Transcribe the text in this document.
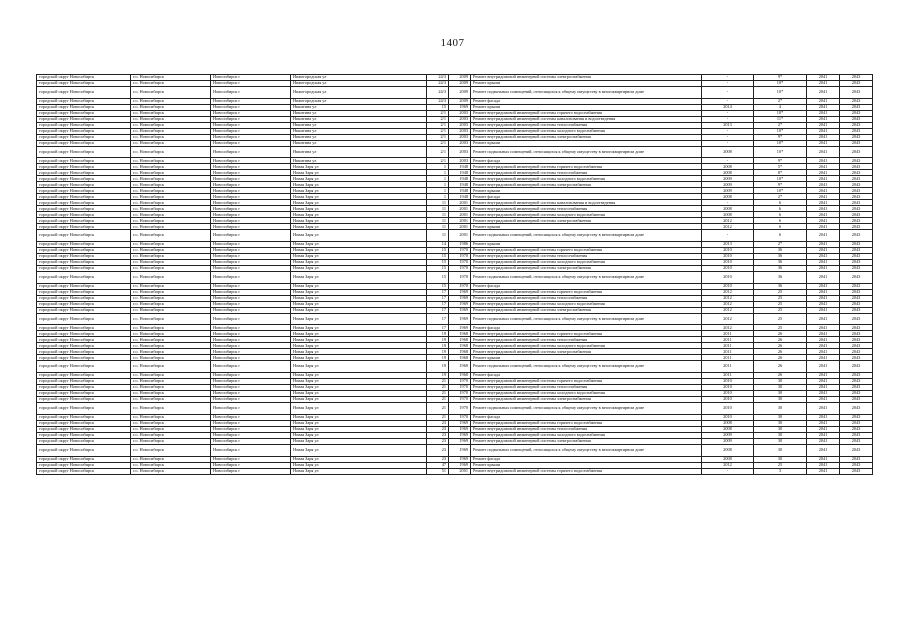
1407
городской округ Новосибирск	г.о. Новосибирск	Новосибирск г	Нижегородская ул	24/3	2009	Ремонт внутридомовой инженерной системы электроснабжения	-	9*	2041	2043
городской округ Новосибирск	г.о. Новосибирск	Новосибирск г	Нижегородская ул	24/3	2009	Ремонт крыши	-	10*	2041	2043
городской округ Новосибирск	г.о. Новосибирск	Новосибирск г	Нижегородская ул	24/3	2009	Ремонт подвальных помещений, относящихся к общему имуществу в многоквартирном доме	-	10*	2041	2043
городской округ Новосибирск	г.о. Новосибирск	Новосибирск г	Нижегородская ул	24/3	2009	Ремонт фасада	-	2*	2041	2043
городской округ Новосибирск	г.о. Новосибирск	Новосибирск г	Никитина ул	15	1969	Ремонт крыши	2014	4	2041	2043
городской округ Новосибирск	г.о. Новосибирск	Новосибирск г	Никитина ул	2/1	2003	Ремонт внутридомовой инженерной системы горячего водоснабжения	-	10*	2041	2043
городской округ Новосибирск	г.о. Новосибирск	Новосибирск г	Никитина ул	2/1	2003	Ремонт внутридомовой инженерной системы канализования и водоотведения	-	11*	2041	2043
городской округ Новосибирск	г.о. Новосибирск	Новосибирск г	Никитина ул	2/1	2003	Ремонт внутридомовой инженерной системы теплоснабжения	2013	2*	2041	2043
городской округ Новосибирск	г.о. Новосибирск	Новосибирск г	Никитина ул	2/1	2003	Ремонт внутридомовой инженерной системы холодного водоснабжения	-	10*	2041	2043
городской округ Новосибирск	г.о. Новосибирск	Новосибирск г	Никитина ул	2/1	2003	Ремонт внутридомовой инженерной системы электроснабжения	-	9*	2041	2043
городской округ Новосибирск	г.о. Новосибирск	Новосибирск г	Никитина ул	2/1	2003	Ремонт крыши	-	10*	2041	2043
городской округ Новосибирск	г.о. Новосибирск	Новосибирск г	Никитина ул	2/1	2003	Ремонт подвальных помещений, относящихся к общему имуществу в многоквартирном доме	2008	10*	2041	2043
городской округ Новосибирск	г.о. Новосибирск	Новосибирск г	Никитина ул	2/1	2003	Ремонт фасада	-	9*	2041	2043
городской округ Новосибирск	г.о. Новосибирск	Новосибирск г	Новая Заря ул	1	1948	Ремонт внутридомовой инженерной системы горячего водоснабжения	2008	5*	2041	2043
городской округ Новосибирск	г.о. Новосибирск	Новосибирск г	Новая Заря ул	1	1948	Ремонт внутридомовой инженерной системы теплоснабжения	2008	8*	2041	2043
городской округ Новосибирск	г.о. Новосибирск	Новосибирск г	Новая Заря ул	1	1948	Ремонт внутридомовой инженерной системы холодного водоснабжения	2009	10*	2041	2043
городской округ Новосибирск	г.о. Новосибирск	Новосибирск г	Новая Заря ул	1	1948	Ремонт внутридомовой инженерной системы электроснабжения	2009	9*	2041	2043
городской округ Новосибирск	г.о. Новосибирск	Новосибирск г	Новая Заря ул	1	1948	Ремонт крыши	2009	10*	2041	2043
городской округ Новосибирск	г.о. Новосибирск	Новосибирск г	Новая Заря ул	1	1948	Ремонт фасада	2008	2*	2041	2043
городской округ Новосибирск	г.о. Новосибирск	Новосибирск г	Новая Заря ул	11	2001	Ремонт внутридомовой инженерной системы канализования и водоотведения	-	6	2041	2043
городской округ Новосибирск	г.о. Новосибирск	Новосибирск г	Новая Заря ул	11	2001	Ремонт внутридомовой инженерной системы теплоснабжения	2008	6	2041	2043
городской округ Новосибирск	г.о. Новосибирск	Новосибирск г	Новая Заря ул	11	2001	Ремонт внутридомовой инженерной системы холодного водоснабжения	2008	6	2041	2043
городской округ Новосибирск	г.о. Новосибирск	Новосибирск г	Новая Заря ул	11	2001	Ремонт внутридомовой инженерной системы электроснабжения	2012	6	2041	2043
городской округ Новосибирск	г.о. Новосибирск	Новосибирск г	Новая Заря ул	11	2001	Ремонт крыши	2012	6	2041	2043
городской округ Новосибирск	г.о. Новосибирск	Новосибирск г	Новая Заря ул	11	2001	Ремонт подвальных помещений, относящихся к общему имуществу в многоквартирном доме	-	6	2041	2043
городской округ Новосибирск	г.о. Новосибирск	Новосибирск г	Новая Заря ул	14	1986	Ремонт крыши	2013	2*	2041	2043
городской округ Новосибирск	г.о. Новосибирск	Новосибирск г	Новая Заря ул	15	1970	Ремонт внутридомовой инженерной системы горячего водоснабжения	2010	36	2041	2043
городской округ Новосибирск	г.о. Новосибирск	Новосибирск г	Новая Заря ул	15	1970	Ремонт внутридомовой инженерной системы теплоснабжения	2010	36	2041	2043
городской округ Новосибирск	г.о. Новосибирск	Новосибирск г	Новая Заря ул	15	1970	Ремонт внутридомовой инженерной системы холодного водоснабжения	2010	36	2041	2043
городской округ Новосибирск	г.о. Новосибирск	Новосибирск г	Новая Заря ул	15	1970	Ремонт внутридомовой инженерной системы электроснабжения	2010	36	2041	2043
городской округ Новосибирск	г.о. Новосибирск	Новосибирск г	Новая Заря ул	15	1970	Ремонт подвальных помещений, относящихся к общему имуществу в многоквартирном доме	2010	36	2041	2043
городской округ Новосибирск	г.о. Новосибирск	Новосибирск г	Новая Заря ул	15	1970	Ремонт фасада	2010	36	2041	2043
городской округ Новосибирск	г.о. Новосибирск	Новосибирск г	Новая Заря ул	17	1969	Ремонт внутридомовой инженерной системы горячего водоснабжения	2012	25	2041	2043
городской округ Новосибирск	г.о. Новосибирск	Новосибирск г	Новая Заря ул	17	1969	Ремонт внутридомовой инженерной системы теплоснабжения	2012	25	2041	2043
городской округ Новосибирск	г.о. Новосибирск	Новосибирск г	Новая Заря ул	17	1969	Ремонт внутридомовой инженерной системы холодного водоснабжения	2012	25	2041	2043
городской округ Новосибирск	г.о. Новосибирск	Новосибирск г	Новая Заря ул	17	1969	Ремонт внутридомовой инженерной системы электроснабжения	2012	25	2041	2043
городской округ Новосибирск	г.о. Новосибирск	Новосибирск г	Новая Заря ул	17	1969	Ремонт подвальных помещений, относящихся к общему имуществу в многоквартирном доме	2012	25	2041	2043
городской округ Новосибирск	г.о. Новосибирск	Новосибирск г	Новая Заря ул	17	1969	Ремонт фасада	2012	25	2041	2043
городской округ Новосибирск	г.о. Новосибирск	Новосибирск г	Новая Заря ул	19	1968	Ремонт внутридомовой инженерной системы горячего водоснабжения	2011	26	2041	2043
городской округ Новосибирск	г.о. Новосибирск	Новосибирск г	Новая Заря ул	19	1968	Ремонт внутридомовой инженерной системы теплоснабжения	2011	26	2041	2043
городской округ Новосибирск	г.о. Новосибирск	Новосибирск г	Новая Заря ул	19	1968	Ремонт внутридомовой инженерной системы холодного водоснабжения	2011	26	2041	2043
городской округ Новосибирск	г.о. Новосибирск	Новосибирск г	Новая Заря ул	19	1968	Ремонт внутридомовой инженерной системы электроснабжения	2011	26	2041	2043
городской округ Новосибирск	г.о. Новосибирск	Новосибирск г	Новая Заря ул	19	1968	Ремонт крыши	2011	26	2041	2043
городской округ Новосибирск	г.о. Новосибирск	Новосибирск г	Новая Заря ул	19	1968	Ремонт подвальных помещений, относящихся к общему имуществу в многоквартирном доме	2011	26	2041	2043
городской округ Новосибирск	г.о. Новосибирск	Новосибирск г	Новая Заря ул	19	1968	Ремонт фасада	2011	26	2041	2043
городской округ Новосибирск	г.о. Новосибирск	Новосибирск г	Новая Заря ул	21	1970	Ремонт внутридомовой инженерной системы горячего водоснабжения	2010	30	2041	2043
городской округ Новосибирск	г.о. Новосибирск	Новосибирск г	Новая Заря ул	21	1970	Ремонт внутридомовой инженерной системы теплоснабжения	2010	30	2041	2043
городской округ Новосибирск	г.о. Новосибирск	Новосибирск г	Новая Заря ул	21	1970	Ремонт внутридомовой инженерной системы холодного водоснабжения	2010	30	2041	2043
городской округ Новосибирск	г.о. Новосибирск	Новосибирск г	Новая Заря ул	21	1970	Ремонт внутридомовой инженерной системы электроснабжения	2010	30	2041	2043
городской округ Новосибирск	г.о. Новосибирск	Новосибирск г	Новая Заря ул	21	1970	Ремонт подвальных помещений, относящихся к общему имуществу в многоквартирном доме	2010	30	2041	2043
городской округ Новосибирск	г.о. Новосибирск	Новосибирск г	Новая Заря ул	21	1970	Ремонт фасада	2010	30	2041	2043
городской округ Новосибирск	г.о. Новосибирск	Новосибирск г	Новая Заря ул	23	1969	Ремонт внутридомовой инженерной системы горячего водоснабжения	2008	30	2041	2043
городской округ Новосибирск	г.о. Новосибирск	Новосибирск г	Новая Заря ул	23	1969	Ремонт внутридомовой инженерной системы теплоснабжения	2008	30	2041	2043
городской округ Новосибирск	г.о. Новосибирск	Новосибирск г	Новая Заря ул	23	1969	Ремонт внутридомовой инженерной системы холодного водоснабжения	2009	30	2041	2043
городской округ Новосибирск	г.о. Новосибирск	Новосибирск г	Новая Заря ул	23	1969	Ремонт внутридомовой инженерной системы электроснабжения	2009	30	2041	2043
городской округ Новосибирск	г.о. Новосибирск	Новосибирск г	Новая Заря ул	23	1969	Ремонт подвальных помещений, относящихся к общему имуществу в многоквартирном доме	2008	30	2041	2043
городской округ Новосибирск	г.о. Новосибирск	Новосибирск г	Новая Заря ул	23	1969	Ремонт фасада	2008	30	2041	2043
городской округ Новосибирск	г.о. Новосибирск	Новосибирск г	Новая Заря ул	47	1969	Ремонт крыши	2012	25	2041	2043
городской округ Новосибирск	г.о. Новосибирск	Новосибирск г	Новая Заря ул	51	2001	Ремонт внутридомовой инженерной системы горячего водоснабжения	-	3	2041	2043
